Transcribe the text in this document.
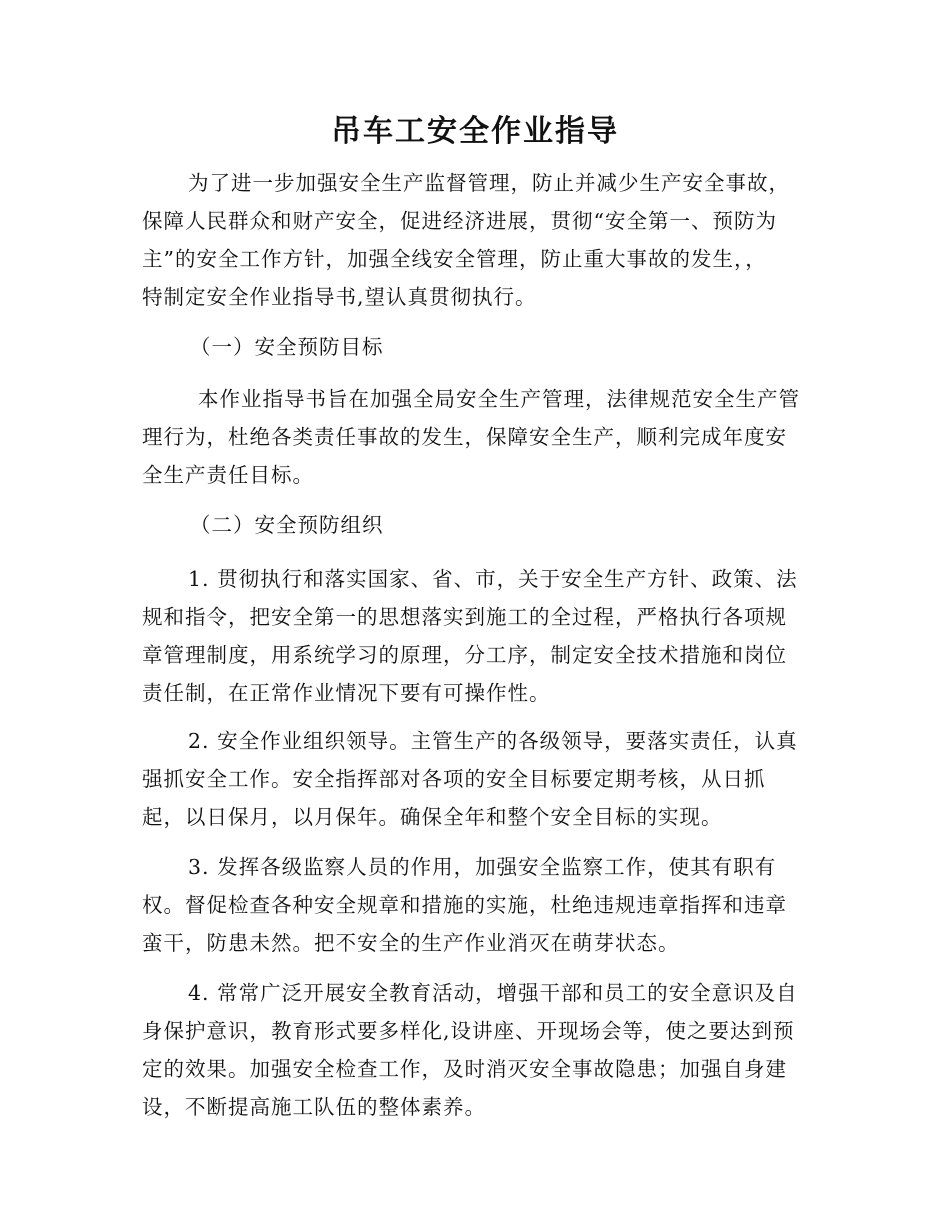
吊车工安全作业指导
为了进一步加强安全生产监督管理，防止并减少生产安全事故，
保障人民群众和财产安全，促进经济进展，贯彻“安全第一、预防为
主”的安全工作方针，加强全线安全管理，防止重大事故的发生，，
特制定安全作业指导书,望认真贯彻执行。
（一）安全预防目标
本作业指导书旨在加强全局安全生产管理，法律规范安全生产管
理行为，杜绝各类责任事故的发生，保障安全生产，顺利完成年度安
全生产责任目标。
（二）安全预防组织
1. 贯彻执行和落实国家、省、市，关于安全生产方针、政策、法
规和指令，把安全第一的思想落实到施工的全过程，严格执行各项规
章管理制度，用系统学习的原理，分工序，制定安全技术措施和岗位
责任制，在正常作业情况下要有可操作性。
2. 安全作业组织领导。主管生产的各级领导，要落实责任，认真
强抓安全工作。安全指挥部对各项的安全目标要定期考核，从日抓
起，以日保月，以月保年。确保全年和整个安全目标的实现。
3. 发挥各级监察人员的作用，加强安全监察工作，使其有职有
权。督促检查各种安全规章和措施的实施，杜绝违规违章指挥和违章
蛮干，防患未然。把不安全的生产作业消灭在萌芽状态。
4. 常常广泛开展安全教育活动，增强干部和员工的安全意识及自
身保护意识，教育形式要多样化,设讲座、开现场会等，使之要达到预
定的效果。加强安全检查工作，及时消灭安全事故隐患；加强自身建
设，不断提高施工队伍的整体素养。
